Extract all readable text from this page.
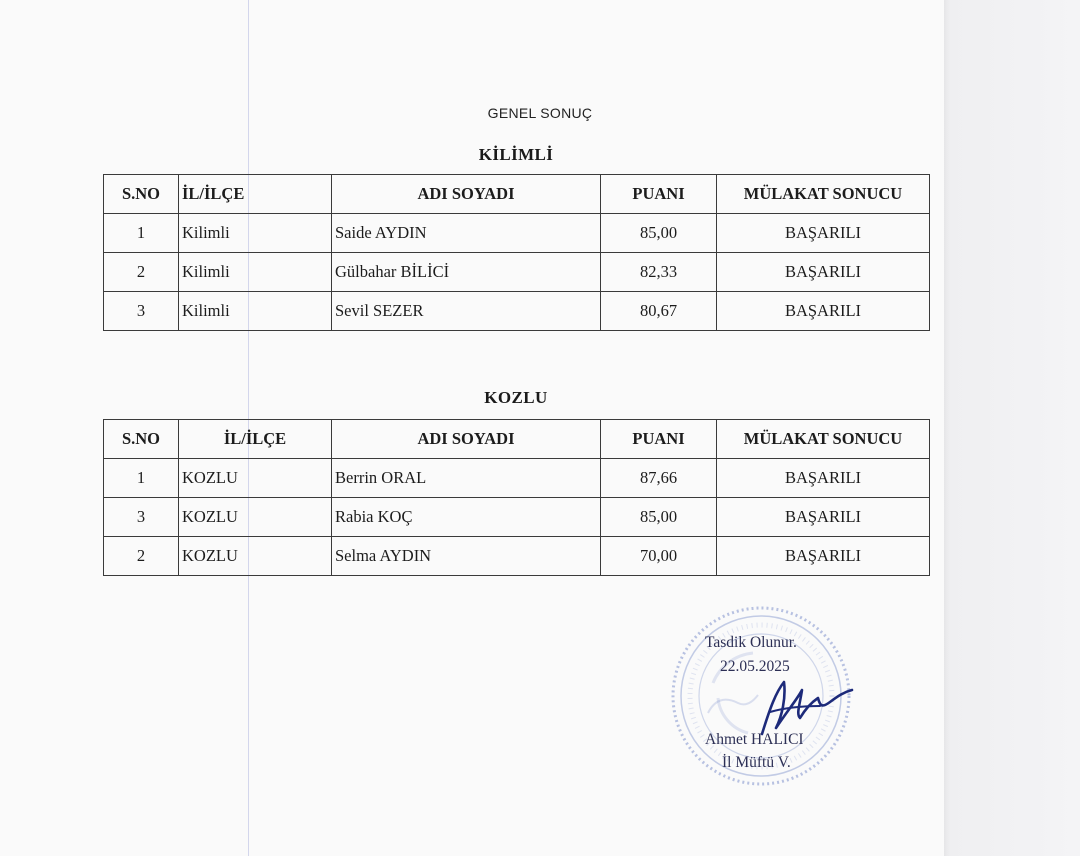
GENEL SONUÇ
KİLİMLİ
S.NO	İL/İLÇE	ADI SOYADI	PUANI	MÜLAKAT SONUCU
1	Kilimli	Saide AYDIN	85,00	BAŞARILI
2	Kilimli	Gülbahar BİLİCİ	82,33	BAŞARILI
3	Kilimli	Sevil SEZER	80,67	BAŞARILI
KOZLU
S.NO	İL/İLÇE	ADI SOYADI	PUANI	MÜLAKAT SONUCU
1	KOZLU	Berrin ORAL	87,66	BAŞARILI
3	KOZLU	Rabia KOÇ	85,00	BAŞARILI
2	KOZLU	Selma AYDIN	70,00	BAŞARILI
Tasdik Olunur.
22.05.2025
Ahmet HALICI
İl Müftü V.
